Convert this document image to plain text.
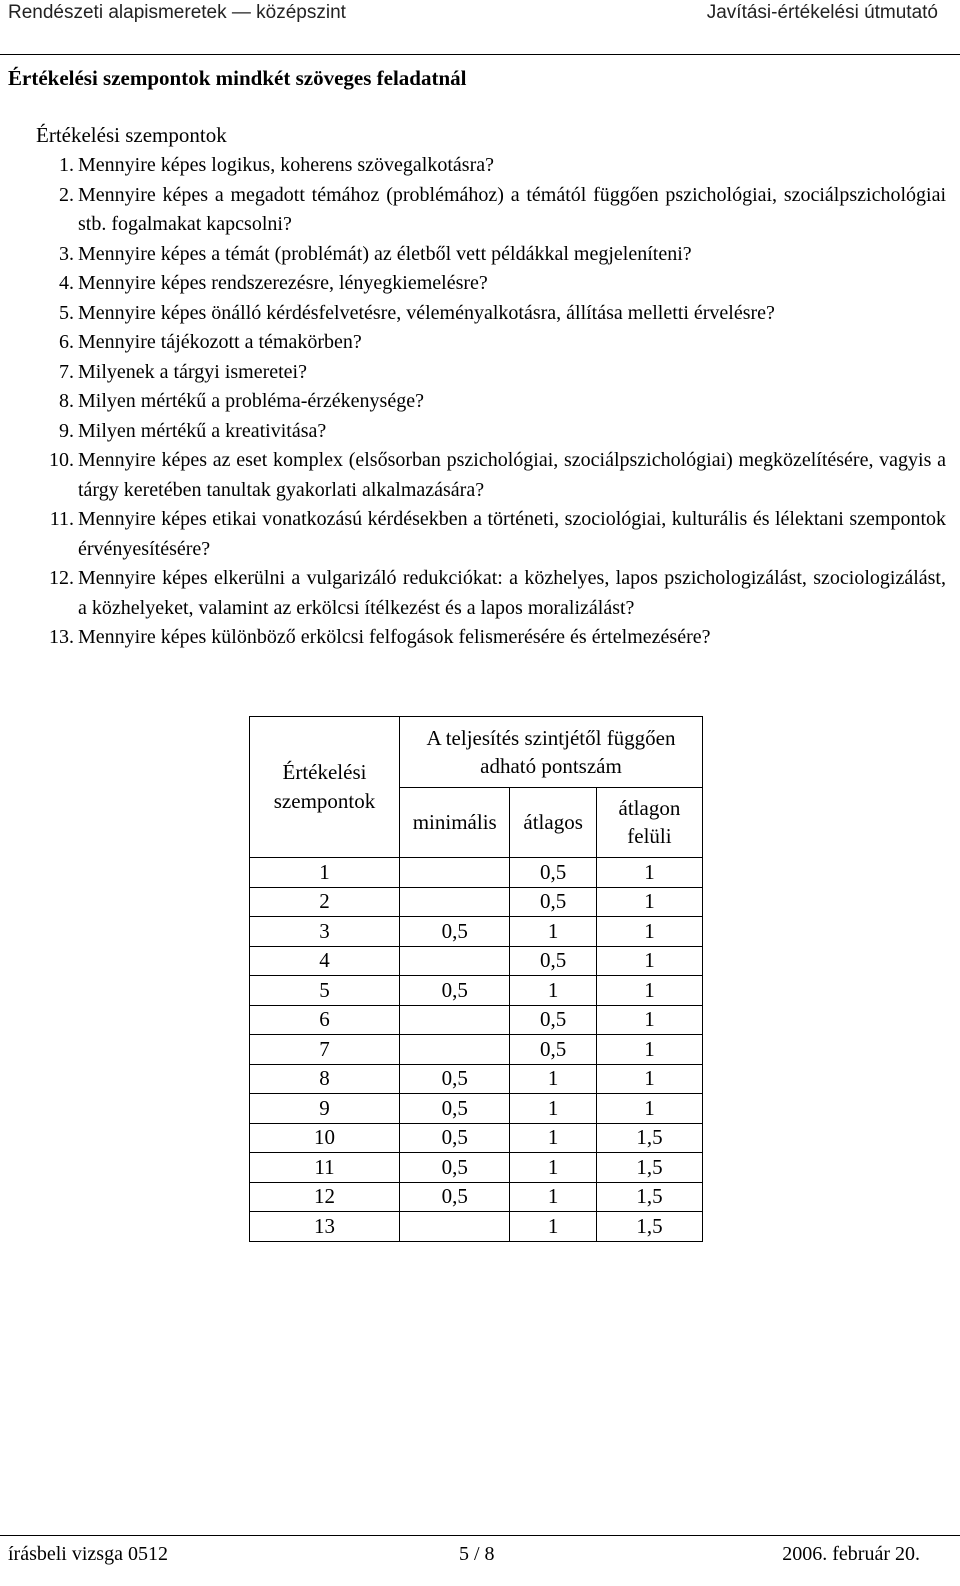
Rendészeti alapismeretek — középszint	Javítási-értékelési útmutató
Értékelési szempontok mindkét szöveges feladatnál
Értékelési szempontok
1. Mennyire képes logikus, koherens szövegalkotásra?
2. Mennyire képes a megadott témához (problémához) a témától függően pszichológiai, szociálpszichológiai stb. fogalmakat kapcsolni?
3. Mennyire képes a témát (problémát) az életből vett példákkal megjeleníteni?
4. Mennyire képes rendszerezésre, lényegkiemelésre?
5. Mennyire képes önálló kérdésfelvetésre, véleményalkotásra, állítása melletti érvelésre?
6. Mennyire tájékozott a témakörben?
7. Milyenek a tárgyi ismeretei?
8. Milyen mértékű a probléma-érzékenysége?
9. Milyen mértékű a kreativitása?
10. Mennyire képes az eset komplex (elsősorban pszichológiai, szociálpszichológiai) megközelítésére, vagyis a tárgy keretében tanultak gyakorlati alkalmazására?
11. Mennyire képes etikai vonatkozású kérdésekben a történeti, szociológiai, kulturális és lélektani szempontok érvényesítésére?
12. Mennyire képes elkerülni a vulgarizáló redukciókat: a közhelyes, lapos pszichologizálást, szociologizálást, a közhelyeket, valamint az erkölcsi ítélkezést és a lapos moralizálást?
13. Mennyire képes különböző erkölcsi felfogások felismerésére és értelmezésére?
Értékelési szempontok	A teljesítés szintjétől függően adható pontszám		
	minimális	átlagos	átlagon felüli
1		0,5	1
2		0,5	1
3	0,5	1	1
4		0,5	1
5	0,5	1	1
6		0,5	1
7		0,5	1
8	0,5	1	1
9	0,5	1	1
10	0,5	1	1,5
11	0,5	1	1,5
12	0,5	1	1,5
13		1	1,5
írásbeli vizsga 0512	5 / 8	2006. február 20.
